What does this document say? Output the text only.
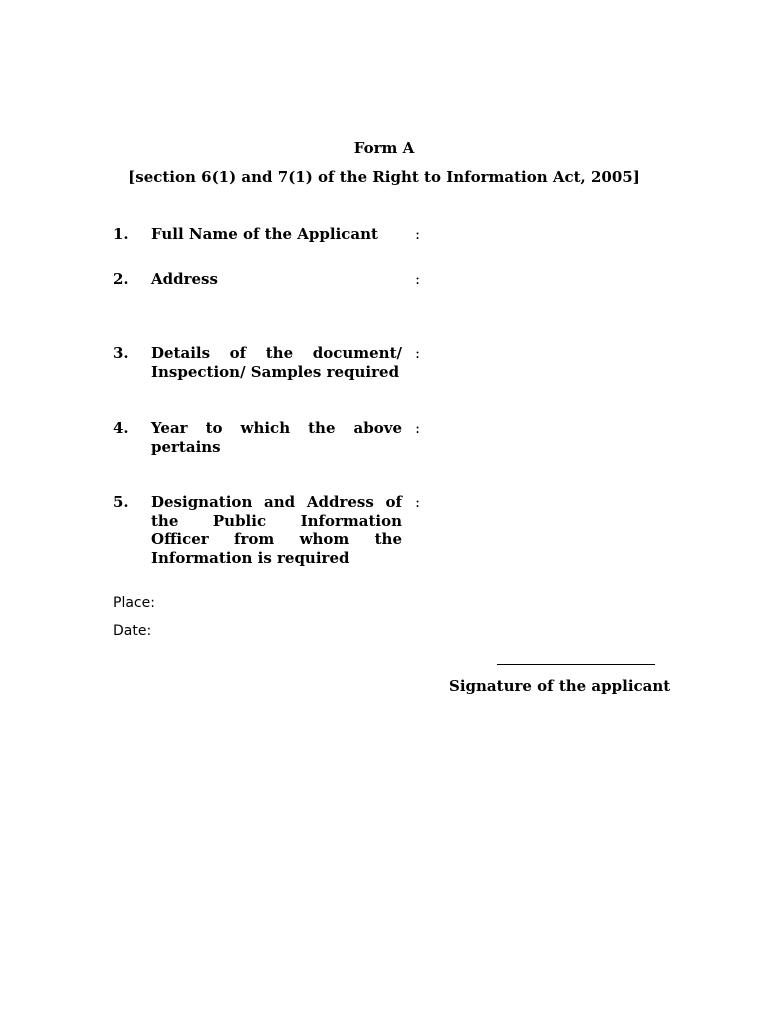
Form A
[section 6(1) and 7(1) of the Right to Information Act, 2005]
1. Full Name of the Applicant	:
2. Address	:
3. Details of the document/ Inspection/ Samples required
:
4. Year to which the above pertains
:
5. Designation and Address of the Public Information Officer from whom the Information is required
:
Place:
Date:
Signature of the applicant
